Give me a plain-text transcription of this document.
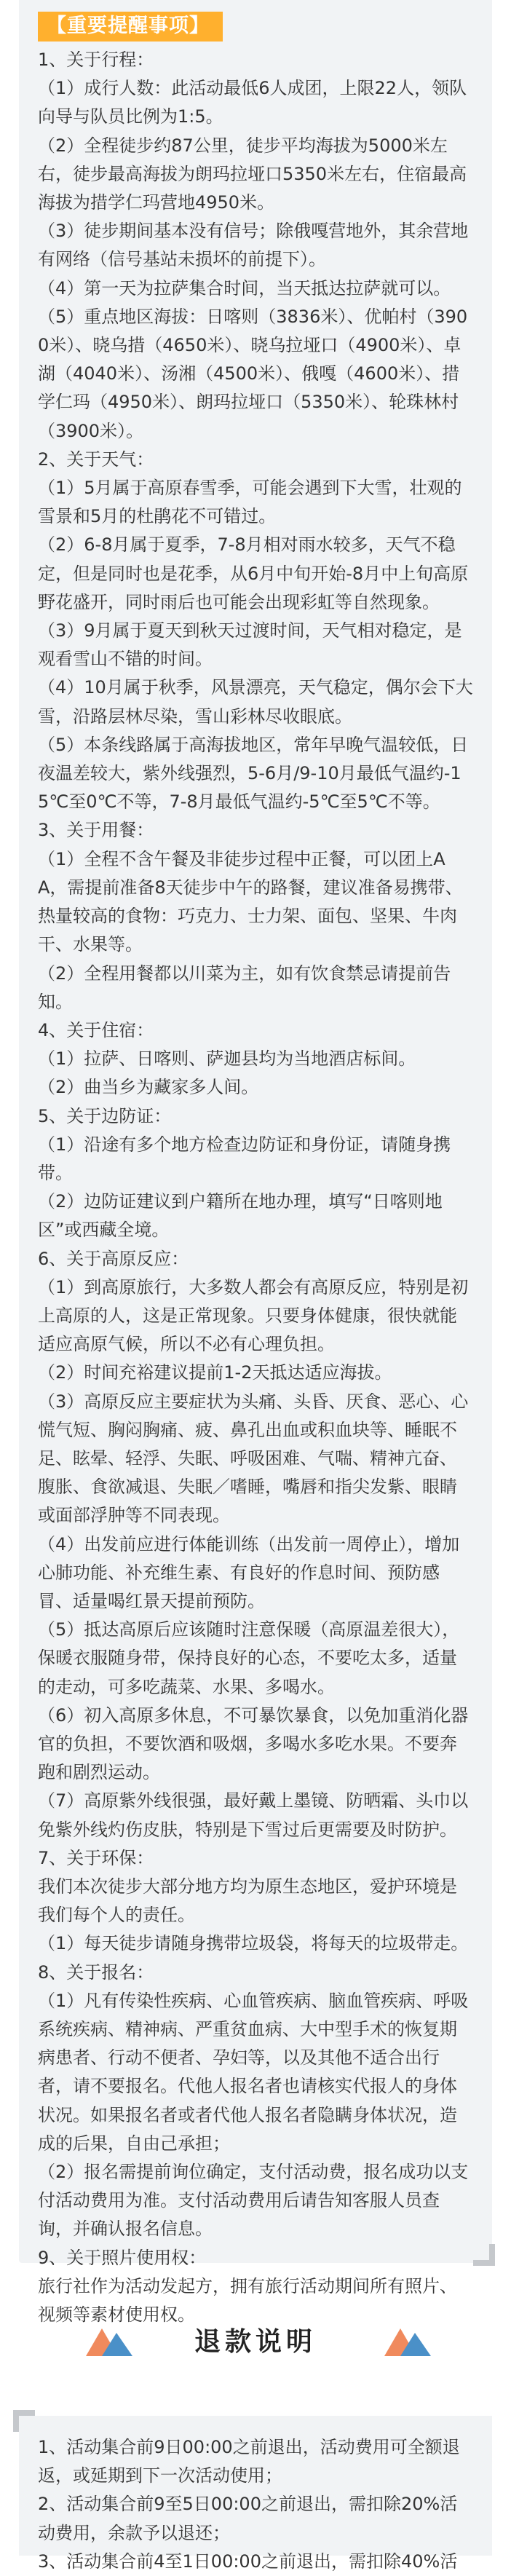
【重要提醒事项】
1、关于行程：
（1）成行人数：此活动最低6人成团，上限22人，领队向导与队员比例为1:5。
（2）全程徒步约87公里，徒步平均海拔为5000米左右，徒步最高海拔为朗玛拉垭口5350米左右，住宿最高海拔为措学仁玛营地4950米。
（3）徒步期间基本没有信号；除俄嘎营地外，其余营地有网络（信号基站未损坏的前提下）。
（4）第一天为拉萨集合时间，当天抵达拉萨就可以。
（5）重点地区海拔：日喀则（3836米）、优帕村（3900米）、晓乌措（4650米）、晓乌拉垭口（4900米）、卓湖（4040米）、汤湘（4500米）、俄嘎（4600米）、措学仁玛（4950米）、朗玛拉垭口（5350米）、轮珠林村（3900米）。
2、关于天气：
（1）5月属于高原春雪季，可能会遇到下大雪，壮观的雪景和5月的杜鹃花不可错过。
（2）6-8月属于夏季，7-8月相对雨水较多，天气不稳定，但是同时也是花季，从6月中旬开始-8月中上旬高原野花盛开，同时雨后也可能会出现彩虹等自然现象。
（3）9月属于夏天到秋天过渡时间，天气相对稳定，是观看雪山不错的时间。
（4）10月属于秋季，风景漂亮，天气稳定，偶尔会下大雪，沿路层林尽染，雪山彩林尽收眼底。
（5）本条线路属于高海拔地区，常年早晚气温较低，日夜温差较大，紫外线强烈，5-6月/9-10月最低气温约-15℃至0℃不等，7-8月最低气温约-5℃至5℃不等。
3、关于用餐：
（1）全程不含午餐及非徒步过程中正餐，可以团上AA，需提前准备8天徒步中午的路餐，建议准备易携带、热量较高的食物：巧克力、士力架、面包、坚果、牛肉干、水果等。
（2）全程用餐都以川菜为主，如有饮食禁忌请提前告知。
4、关于住宿：
（1）拉萨、日喀则、萨迦县均为当地酒店标间。
（2）曲当乡为藏家多人间。
5、关于边防证：
（1）沿途有多个地方检查边防证和身份证，请随身携带。
（2）边防证建议到户籍所在地办理，填写“日喀则地区”或西藏全境。
6、关于高原反应：
（1）到高原旅行，大多数人都会有高原反应，特别是初上高原的人，这是正常现象。只要身体健康，很快就能适应高原气候，所以不必有心理负担。
（2）时间充裕建议提前1-2天抵达适应海拔。
（3）高原反应主要症状为头痛、头昏、厌食、恶心、心慌气短、胸闷胸痛、疲、鼻孔出血或积血块等、睡眠不足、眩晕、轻浮、失眠、呼吸困难、气喘、精神亢奋、腹胀、食欲减退、失眠／嗜睡，嘴唇和指尖发紫、眼睛或面部浮肿等不同表现。
（4）出发前应进行体能训练（出发前一周停止），增加心肺功能、补充维生素、有良好的作息时间、预防感冒、适量喝红景天提前预防。
（5）抵达高原后应该随时注意保暖（高原温差很大），保暖衣服随身带，保持良好的心态，不要吃太多，适量的走动，可多吃蔬菜、水果、多喝水。
（6）初入高原多休息，不可暴饮暴食，以免加重消化器官的负担，不要饮酒和吸烟，多喝水多吃水果。不要奔跑和剧烈运动。
（7）高原紫外线很强，最好戴上墨镜、防晒霜、头巾以免紫外线灼伤皮肤，特别是下雪过后更需要及时防护。
7、关于环保：
我们本次徒步大部分地方均为原生态地区，爱护环境是我们每个人的责任。
（1）每天徒步请随身携带垃圾袋，将每天的垃圾带走。
8、关于报名：
（1）凡有传染性疾病、心血管疾病、脑血管疾病、呼吸系统疾病、精神病、严重贫血病、大中型手术的恢复期病患者、行动不便者、孕妇等，以及其他不适合出行者，请不要报名。代他人报名者也请核实代报人的身体状况。如果报名者或者代他人报名者隐瞒身体状况，造成的后果，自由己承担；
（2）报名需提前询位确定，支付活动费，报名成功以支付活动费用为准。支付活动费用后请告知客服人员查询，并确认报名信息。
9、关于照片使用权：
旅行社作为活动发起方，拥有旅行活动期间所有照片、视频等素材使用权。
退款说明
1、活动集合前9日00:00之前退出，活动费用可全额退返，或延期到下一次活动使用；
2、活动集合前9至5日00:00之前退出，需扣除20%活动费用，余款予以退还；
3、活动集合前4至1日00:00之前退出，需扣除40%活
